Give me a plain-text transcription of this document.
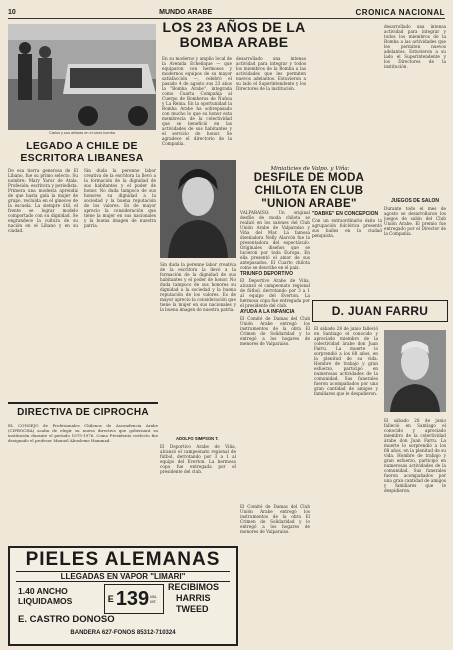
10	MUNDO ARABE	CRONICA NACIONAL
Carlos y sus artistas en el carro bomba
LEGADO A CHILE DE ESCRITORA LIBANESA
De esa tierra generosa de El Líbano, fue su primo selecto. Su nombre: Mary Yarur de Atala. Profesión: escritora y periodista. Primera una modesta aprendiz de que hasta gala la mujer de grupo, recluída en el gineceo de la escuela. La siempre útil, el frente se lograr modelo comportado con su dignidad. Se engrandece la cultura de su nación en el Líbano y en su ciudad.
Sin duda la perenne labor creativa de la escritora la llevó a la formación de la dignidad de sus habitantes y el poder de honor. No duda tampoco de sus honores su dignidad a la sociedad y la buena reputación de los valores. Es de mayor aprecio la consideración que tiene la mujer en sus nacionales y la buena imagen de nuestra patria.
LOS 23 AÑOS DE LA BOMBA ARABE
En su moderno y amplio local de la Avenida Echeñique — que equiparon con hermosos y modernos equipos de su mayor satisfacción —, celebró el pasado 4 de agosto sus 23 años la "Bomba Arabe", integrada como Cuarta Compañía al Cuerpo de Bomberos de Ñuñoa y La Reina. En la oportunidad la Bomba Arabe ha sobrepasado con mucho lo que su honor esta membrecía de la colectividad que se benefició en las actividades de sus habitantes y el servicio de honor. Se agradece el directorio de la Compañía.
desarrollado una intensa actividad para integrar y todos los miembros de la Bomba a las actividades que les permiten nuevos adelantos. Estuvieron a su lado el Superintendente y los Directores de la institución.
ADOLFO SIMPSON T.
Miniaticies de Valpo. y Viña:
DESFILE DE MODA CHILOTA EN CLUB "UNION ARABE"

VALPARAISO: Un original desfile de moda chilota se realizó en los salones del Club Unión Arabe de Valparaíso y Viña del Mar. La famosa diseñadora Nelly Alarcón fue la presentadora del espectáculo. Originales diseños que se lucieron por toda Europa. En ella presentó el amor de sus antepasados. El Cuarto chilota como se describe en el país.

TRIUNFO DEPORTIVO

El Deportivo Arabe de Viña, alcanzó el campeonato regional de fútbol, derrotando por 3 a 1 al equipo del Everton. La hermosa copa fue entregada por el presidente del club.

AYUDA A LA INFANCIA

El Comité de Damas del Club Unión Arabe entregó los instrumentos de la obra El Crimen de Solidaridad y lo entregó a los hogares de menores de Valparaíso.

"DABKE" EN CONCEPCION

Con un extraordinario éxito la agrupación folclórica presentó sus bailes en la ciudad penquista.

desarrollado una intensa actividad para integrar y todos los miembros de la Bomba a las actividades que les permiten nuevos adelantos. Estuvieron a su lado el Superintendente y los Directores de la institución.

JUEGOS DE SALON
Durante todo el mes de agosto se desarrollaron los juegos de salón del Club Unión Arabe. El premio fue entregado por el Director de la Compañía.
D. JUAN FARRU
El sábado 28 de junio falleció en Santiago el conocido y apreciado miembro de la colectividad árabe don Juan Farru. La muerte lo sorprendió a los 68 años, en la plenitud de su vida. Hombre de trabajo y gran esfuerzo, participó en numerosas actividades de la comunidad. Sus funerales fueron acompañados por una gran cantidad de amigos y familiares que le despidieron.
El sábado 28 de junio falleció en Santiago el conocido y apreciado miembro de la colectividad árabe don Juan Farru. La muerte lo sorprendió a los 68 años, en la plenitud de su vida. Hombre de trabajo y gran esfuerzo, participó en numerosas actividades de la comunidad. Sus funerales fueron acompañados por una gran cantidad de amigos y familiares que le despidieron.
DIRECTIVA DE CIPROCHA
EL CONSEJO de Profesionales Chilenos de Ascendencia Arabe (CIPROCHA) acaba de elegir su nueva directiva que gobernará su institución durante el período 1975-1976. Como Presidente reelecto fue designado el profesor Manuel Abusleme Hammad.
PIELES ALEMANAS
LLEGADAS EN VAPOR "LIMARI"
1.40 ANCHO
LIQUIDAMOS	E 139 MIL MT.
RECIBIMOS
HARRIS
TWEED
E. CASTRO DONOSO
BANDERA 627-FONOS 85312-710324
Sin duda la perenne labor creativa de la escritora la llevó a la formación de la dignidad de sus habitantes y el poder de honor. No duda tampoco de sus honores su dignidad a la sociedad y la buena reputación de los valores. Es de mayor aprecio la consideración que tiene la mujer en sus nacionales y la buena imagen de nuestra patria.
El Comité de Damas del Club Unión Arabe entregó los instrumentos de la obra El Crimen de Solidaridad y lo entregó a los hogares de menores de Valparaíso.
El Deportivo Arabe de Viña, alcanzó el campeonato regional de fútbol, derrotando por 3 a 1 al equipo del Everton. La hermosa copa fue entregada por el presidente del club.
